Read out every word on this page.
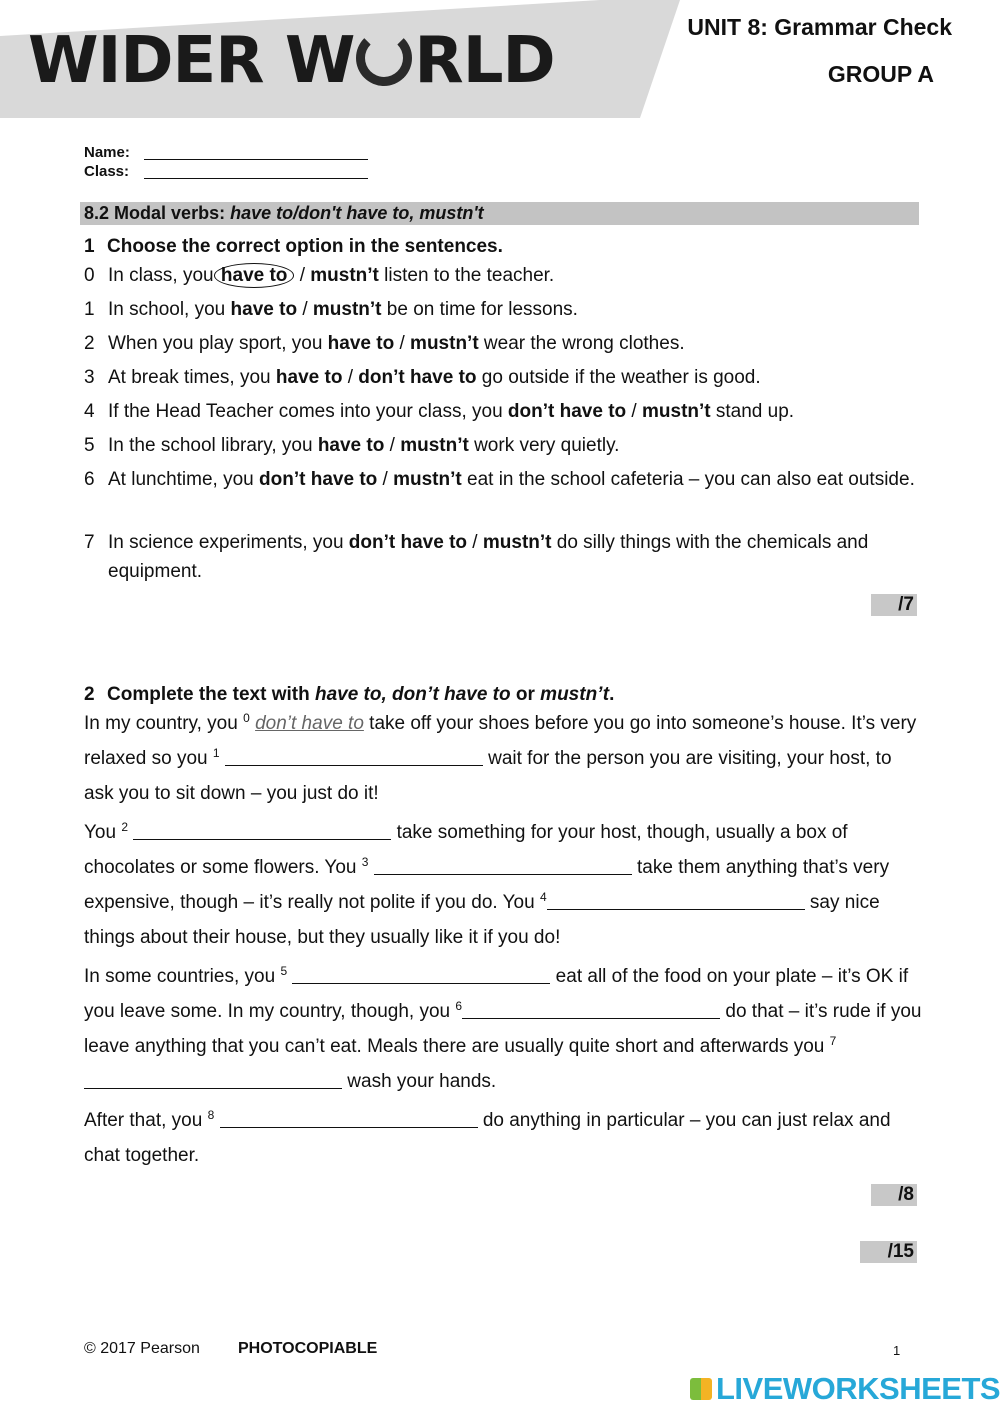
WIDER W RLD	UNIT 8: Grammar Check
GROUP A
Name:
Class:
8.2 Modal verbs: have to/don't have to, mustn't
1 Choose the correct option in the sentences.
0 In class, you have to / mustn’t listen to the teacher.
1 In school, you have to / mustn’t be on time for lessons.
2 When you play sport, you have to / mustn’t wear the wrong clothes.
3 At break times, you have to / don’t have to go outside if the weather is good.
4 If the Head Teacher comes into your class, you don’t have to / mustn’t stand up.
5 In the school library, you have to / mustn’t work very quietly.
6 At lunchtime, you don’t have to / mustn’t eat in the school cafeteria – you can also eat outside.
7 In science experiments, you don’t have to / mustn’t do silly things with the chemicals and equipment.
/7
2 Complete the text with have to, don’t have to or mustn’t.
In my country, you $^0$ don’t have to take off your shoes before you go into someone’s house. It’s very relaxed so you $^1$	wait for the person you are visiting, your host, to ask you to sit down – you just do it!
You $^2$	take something for your host, though, usually a box of chocolates or some flowers. You $^3$	take them anything that’s very expensive, though – it’s really not polite if you do. You $^4$	say nice things about their house, but they usually like it if you do!
In some countries, you $^5$	eat all of the food on your plate – it’s OK if you leave some. In my country, though, you $^6$	do that – it’s rude if you leave anything that you can’t eat. Meals there are usually quite short and afterwards you $^7$  wash your hands.
After that, you $^8$	do anything in particular – you can just relax and chat together.
/8
/15
© 2017 Pearson PHOTOCOPIABLE	1
LIVEWORKSHEETS
